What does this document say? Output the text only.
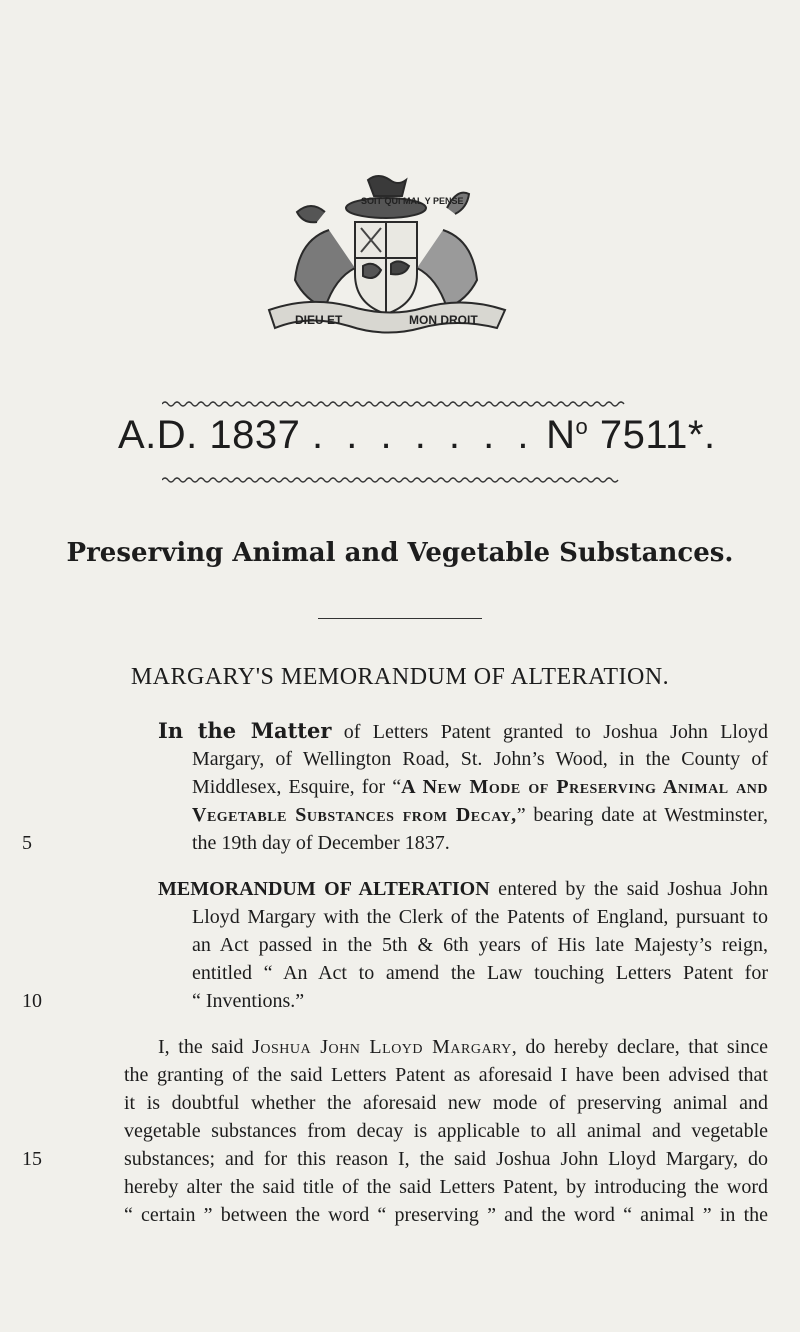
DIEU ET	MON DROIT
SOIT QUI MAL Y PENSE
A.D. 1837 . . . . . . . $N^o$ 7511*.
Preserving Animal and Vegetable Substances.
MARGARY'S MEMORANDUM OF ALTERATION.
In the Matter of Letters Patent granted to Joshua John Lloyd
Margary, of Wellington Road, St. John’s Wood, in the County of
Middlesex, Esquire, for “A New Mode of Preserving Animal and
Vegetable Substances from Decay,” bearing date at Westminster,
5	the 19th day of December 1837.
MEMORANDUM OF ALTERATION entered by the said Joshua John
Lloyd Margary with the Clerk of the Patents of England, pursuant to
an Act passed in the 5th & 6th years of His late Majesty’s reign,
entitled “ An Act to amend the Law touching Letters Patent for
10	“ Inventions.”
I, the said Joshua John Lloyd Margary, do hereby declare, that since
the granting of the said Letters Patent as aforesaid I have been advised that
it is doubtful whether the aforesaid new mode of preserving animal and
vegetable substances from decay is applicable to all animal and vegetable
15	substances; and for this reason I, the said Joshua John Lloyd Margary, do
hereby alter the said title of the said Letters Patent, by introducing the word
“ certain ” between the word “ preserving ” and the word “ animal ” in the
